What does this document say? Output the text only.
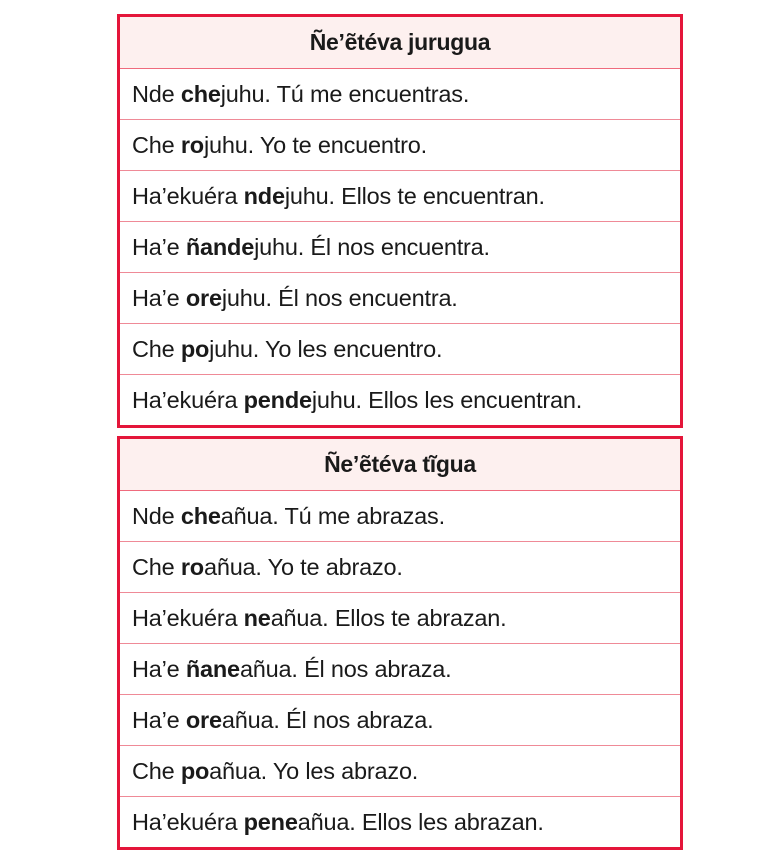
Ñe’ẽtéva jurugua
Nde che juhu. Tú me encuentras.
Che ro juhu. Yo te encuentro.
Ha’ekuéra nde juhu. Ellos te encuentran.
Ha’e ñande juhu. Él nos encuentra.
Ha’e ore juhu. Él nos encuentra.
Che po juhu. Yo les encuentro.
Ha’ekuéra pende juhu. Ellos les encuentran.
Ñe’ẽtéva tĩgua
Nde che añua. Tú me abrazas.
Che ro añua. Yo te abrazo.
Ha’ekuéra ne añua. Ellos te abrazan.
Ha’e ñane añua. Él nos abraza.
Ha’e ore añua. Él nos abraza.
Che po añua. Yo les abrazo.
Ha’ekuéra pene añua. Ellos les abrazan.
